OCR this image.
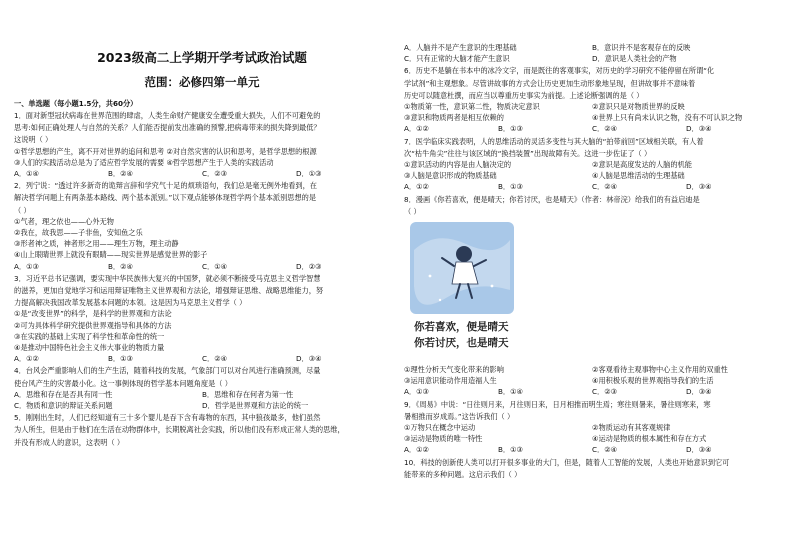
2023级高二上学期开学考试政治试题
范围：必修四第一单元
一、单选题（每小题1.5分，共60分）
1．面对新型冠状病毒在世界范围的肆虐，人类生命财产健康安全遭受重大损失，人们不可避免的
思考:如何正确处理人与自然的关系？人们能否提前发出准确的预警,把病毒带来的损失降到最低？
这说明（ ）
①哲学思想的产生，离不开对世界的追问和思考 ②对自然灾害的认识和思考，是哲学思想的根源
③人们的实践活动总是为了适应哲学发展的需要 ④哲学思想产生于人类的实践活动
A．①④	B．②④	C．②③	D．①③
2．列宁说：“透过许多新奇的诡辩言辞和学究气十足的烦琐语句，我们总是毫无例外地看到，在
解决哲学问题上有两条基本路线、两个基本派别。”以下观点能够体现哲学两个基本派别思想的是
（ ）
①气者，理之依也——心外无物
②我在，故我思——子非鱼，安知鱼之乐
③形者神之质，神者形之用——理生万物，理主动静
④山上眼睛世界上就没有眼睛——现实世界是感觉世界的影子
A．①③	B．②④	C．①④	D．②③
3．习近平总书记强调，要实现中华民族伟大复兴的中国梦，就必须不断接受马克思主义哲学智慧
的滋养，更加自觉地学习和运用辩证唯物主义世界观和方法论，增强辩证思维、战略思维能力，努
力提高解决我国改革发展基本问题的本领。这是因为马克思主义哲学（ ）
①是“改变世界”的科学，是科学的世界观和方法论
②可为具体科学研究提供世界观指导和具体的方法
③在实践的基础上实现了科学性和革命性的统一
④是推动中国特色社会主义伟大事业的物质力量
A．①②	B．①③	C．②④	D．③④
4．台风会严重影响人们的生产生活，随着科技的发展，气象部门可以对台风进行准确预测，尽量
使台风产生的灾害最小化。这一事例体现的哲学基本问题角度是（ ）
A．思维和存在是否具有同一性	B．思维和存在何者为第一性
C．物质和意识的辩证关系问题	D．哲学是世界观和方法论的统一
5．刚刚出生时，人们已经知道有三十多个婴儿是吞下含有毒物的东西，其中狼孩最多，他们虽然
为人所生，但是由于他们在生活在动物群体中，长期脱离社会实践，所以他们没有形成正常人类的思维，
并没有形成人的意识，这表明（ ）
A．人脑并不是产生意识的生理基础	B．意识并不是客观存在的反映
C．只有正常的大脑才能产生意识	D．意识是人类社会的产物
6．历史不是躺在书本中的冰冷文字，而是既往的客观事实，对历史的学习研究不能停留在所谓“化
学试剂”和主观想象。尽管讲故事的方式会让历史更加生动形象地呈现，但讲故事并不意味着
历史可以随意杜撰，而应当以尊重历史事实为前提。上述论断强调的是（ ）
①物质第一性，意识第二性，物质决定意识	②意识只是对物质世界的反映
③意识和物质两者是相互依赖的	④世界上只有尚未认识之物，没有不可认识之物
A．①②	B．①③	C．②④	D．③④
7．医学临床实践表明，人的思维活动的灵活多变性与其大脑的“拍带前回”区域相关联，有人着
次“枯牛角尖”往往与该区域的“换挡装置”出现故障有关。这进一步佐证了（ ）
①意识活动的内容是由人脑决定的	②意识是高度发达的人脑的机能
③人脑是意识形成的物质基础	④人脑是思维活动的生理基础
A．①②	B．①③	C．②④	D．③④
8．漫画《你若喜欢，便是晴天；你若讨厌，也是晴天》（作者：林帝浣）给我们的有益启迪是
（ ）
你若喜欢，便是晴天
你若讨厌，也是晴天
①理性分析天气变化带来的影响	②客观看待主观事物中心主义作用的双重性
③运用意识能动作用造福人生	④用积极乐观的世界观指导我们的生活
A．①③	B．①④	C．②③	D．③④
9．《周易》中说：“日往则月来，月往则日来，日月相推而明生焉；寒往则暑来，暑往则寒来，寒
暑相推而岁成焉。”这告诉我们（ ）
①万物只在概念中运动	②物质运动有其客观规律
③运动是物质的唯一特性	④运动是物质的根本属性和存在方式
A．①②	B．①③	C．②④	D．③④
10．科技的创新使人类可以打开很多事业的大门，但是，随着人工智能的发展，人类也开始意识到它可
能带来的多种问题。这启示我们（ ）
